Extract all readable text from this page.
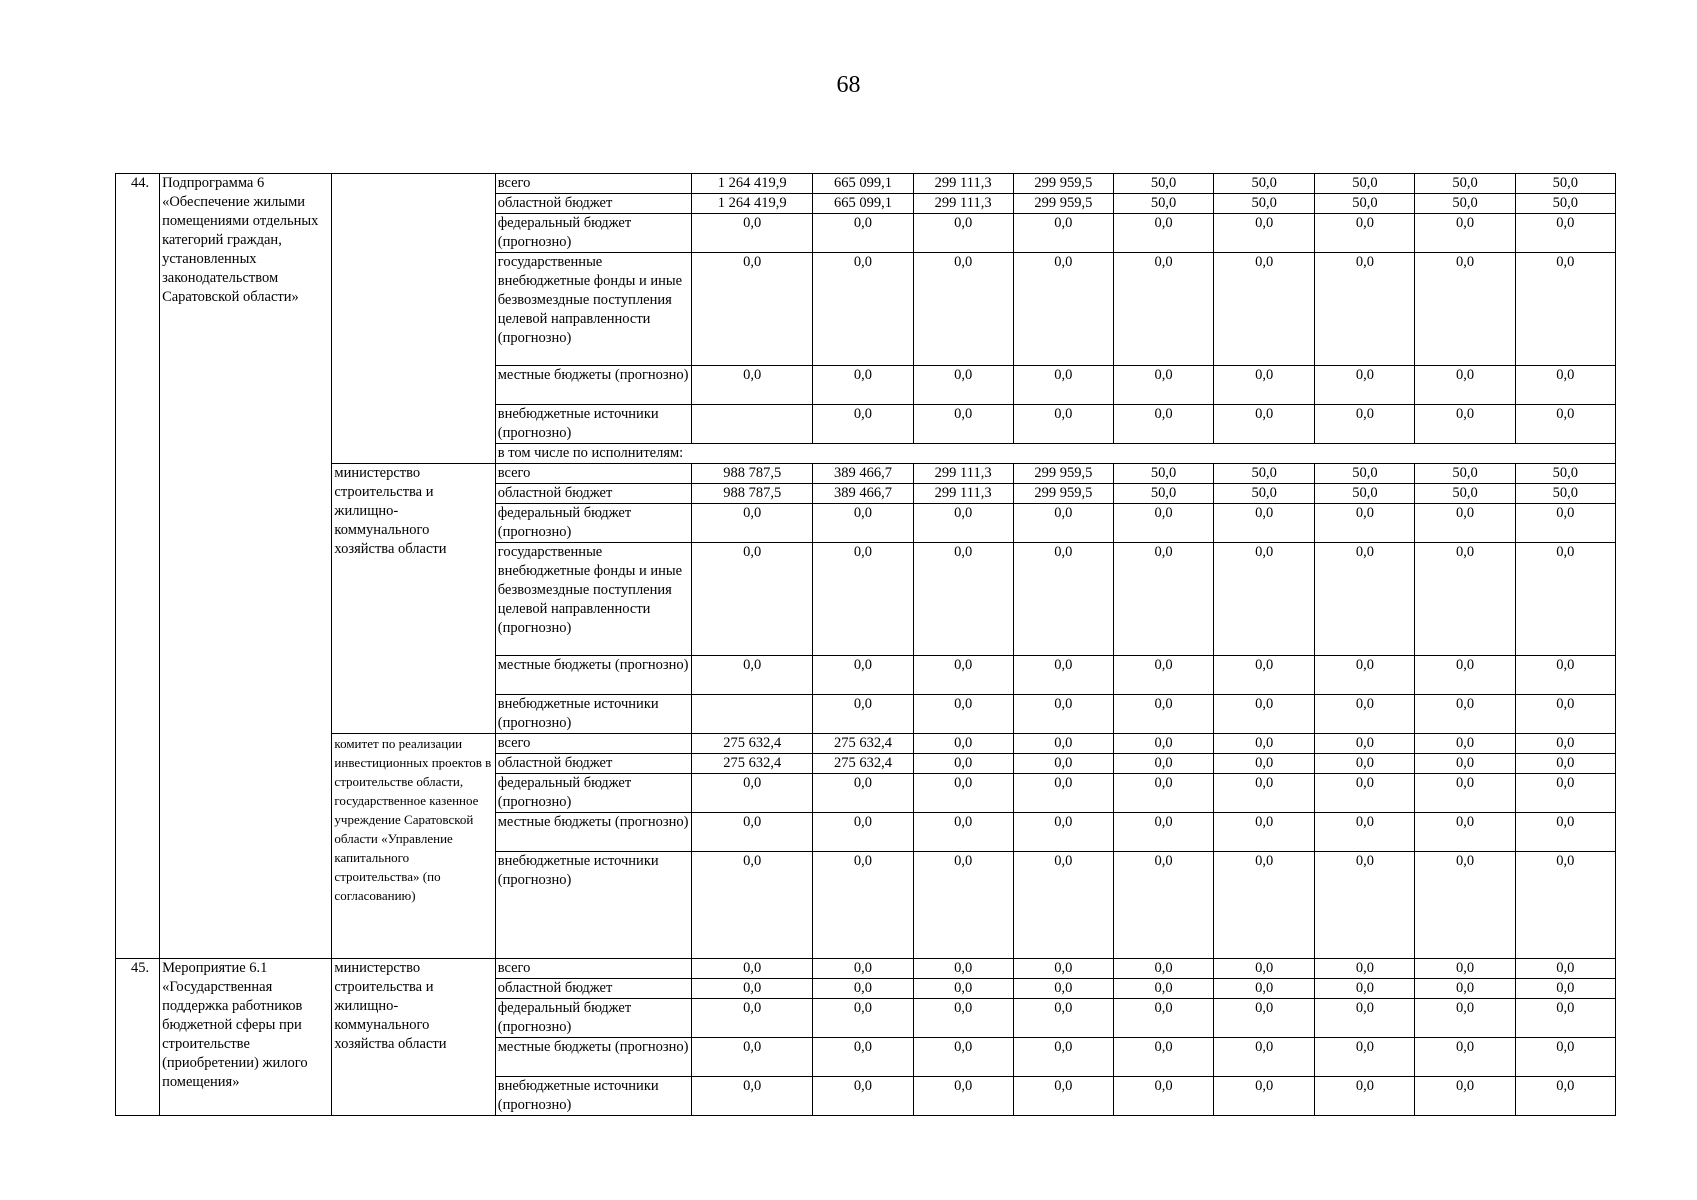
68
44.	Подпрограмма 6 «Обеспечение жилыми помещениями отдельных категорий граждан, установленных законодательством Саратовской области»		всего	1 264 419,9	665 099,1	299 111,3	299 959,5	50,0	50,0	50,0	50,0	50,0
			областной бюджет	1 264 419,9	665 099,1	299 111,3	299 959,5	50,0	50,0	50,0	50,0	50,0
			федеральный бюджет (прогнозно)	0,0	0,0	0,0	0,0	0,0	0,0	0,0	0,0	0,0
			государственные внебюджетные фонды и иные безвозмездные поступления целевой направленности (прогнозно)	0,0	0,0	0,0	0,0	0,0	0,0	0,0	0,0	0,0
			местные бюджеты (прогнозно)	0,0	0,0	0,0	0,0	0,0	0,0	0,0	0,0	0,0
			внебюджетные источники (прогнозно)		0,0	0,0	0,0	0,0	0,0	0,0	0,0	0,0
			в том числе по исполнителям:									
		министерство строительства и жилищно-коммунального хозяйства области	всего	988 787,5	389 466,7	299 111,3	299 959,5	50,0	50,0	50,0	50,0	50,0
			областной бюджет	988 787,5	389 466,7	299 111,3	299 959,5	50,0	50,0	50,0	50,0	50,0
			федеральный бюджет (прогнозно)	0,0	0,0	0,0	0,0	0,0	0,0	0,0	0,0	0,0
			государственные внебюджетные фонды и иные безвозмездные поступления целевой направленности (прогнозно)	0,0	0,0	0,0	0,0	0,0	0,0	0,0	0,0	0,0
			местные бюджеты (прогнозно)	0,0	0,0	0,0	0,0	0,0	0,0	0,0	0,0	0,0
			внебюджетные источники (прогнозно)		0,0	0,0	0,0	0,0	0,0	0,0	0,0	0,0
		комитет по реализации инвестиционных проектов в строительстве области, государственное казенное учреждение Саратовской области «Управление капитального строительства» (по согласованию)	всего	275 632,4	275 632,4	0,0	0,0	0,0	0,0	0,0	0,0	0,0
			областной бюджет	275 632,4	275 632,4	0,0	0,0	0,0	0,0	0,0	0,0	0,0
			федеральный бюджет (прогнозно)	0,0	0,0	0,0	0,0	0,0	0,0	0,0	0,0	0,0
			местные бюджеты (прогнозно)	0,0	0,0	0,0	0,0	0,0	0,0	0,0	0,0	0,0
			внебюджетные источники (прогнозно)	0,0	0,0	0,0	0,0	0,0	0,0	0,0	0,0	0,0
45.	Мероприятие 6.1 «Государственная поддержка работников бюджетной сферы при строительстве (приобретении) жилого помещения»	министерство строительства и жилищно-коммунального хозяйства области	всего	0,0	0,0	0,0	0,0	0,0	0,0	0,0	0,0	0,0
			областной бюджет	0,0	0,0	0,0	0,0	0,0	0,0	0,0	0,0	0,0
			федеральный бюджет (прогнозно)	0,0	0,0	0,0	0,0	0,0	0,0	0,0	0,0	0,0
			местные бюджеты (прогнозно)	0,0	0,0	0,0	0,0	0,0	0,0	0,0	0,0	0,0
			внебюджетные источники (прогнозно)	0,0	0,0	0,0	0,0	0,0	0,0	0,0	0,0	0,0
